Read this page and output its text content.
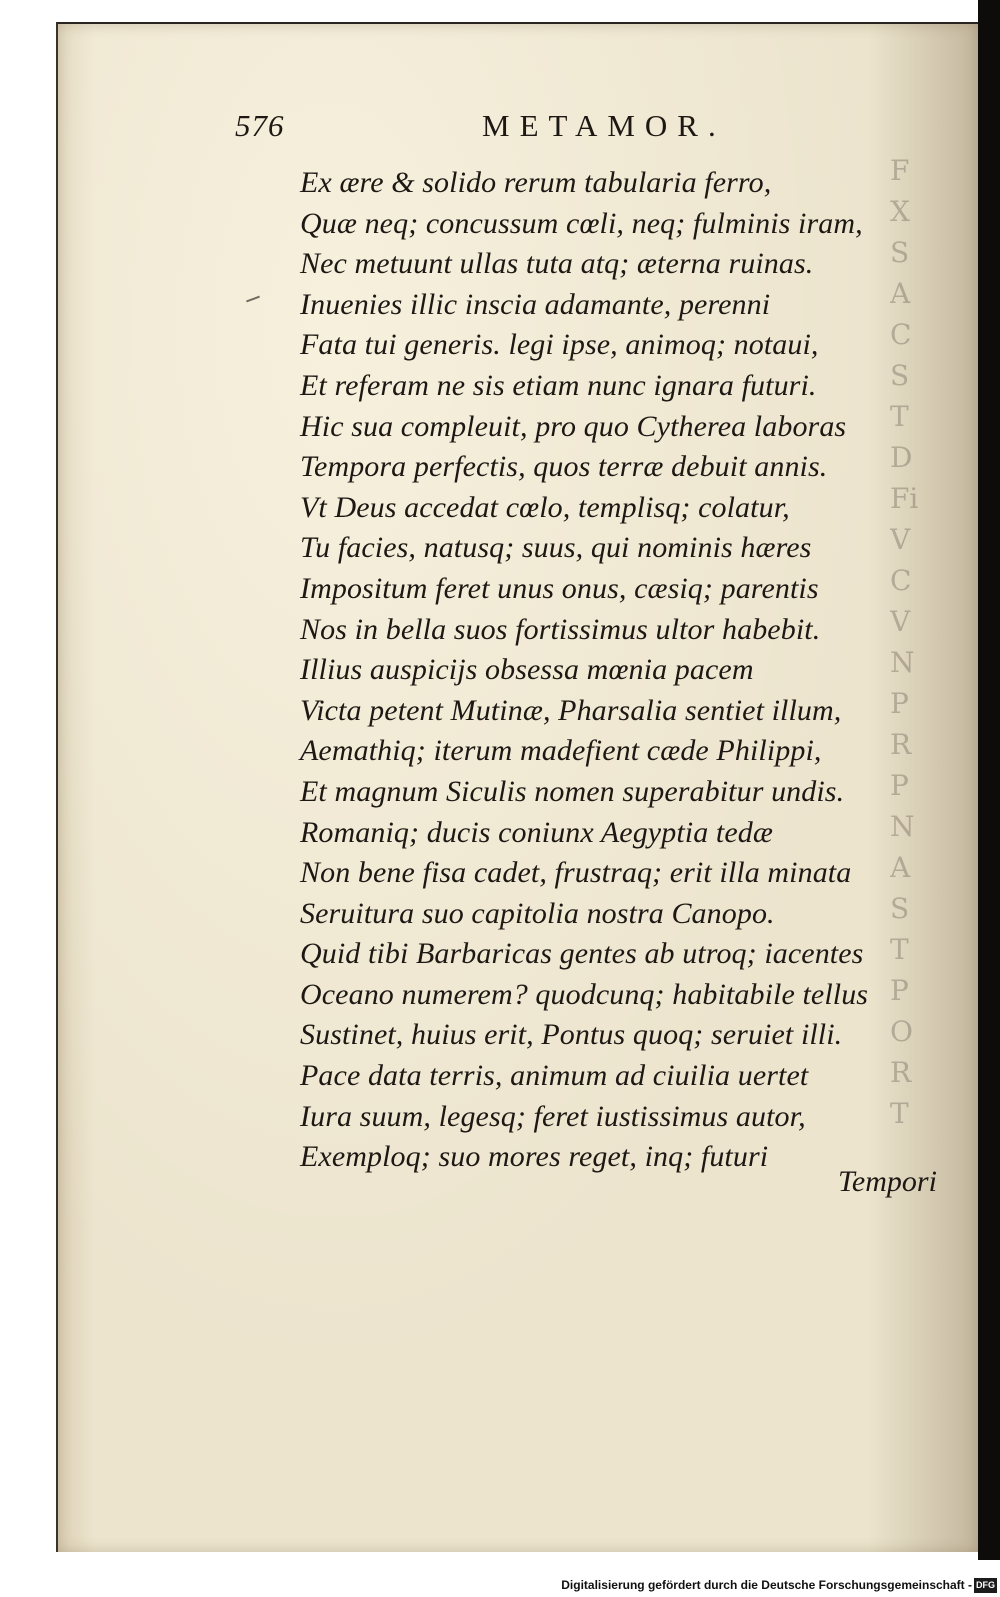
F
X
S
A
C
S
T
D
Fi
V
C
V
N
P
R
P
N
A
S
T
P
O
R
T
576	METAMOR.
Ex ære & solido rerum tabularia ferro,
Quæ neq; concussum cœli, neq; fulminis iram,
Nec metuunt ullas tuta atq; æterna ruinas.
Inuenies illic inscia adamante, perenni
Fata tui generis. legi ipse, animoq; notaui,
Et referam ne sis etiam nunc ignara futuri.
Hic sua compleuit, pro quo Cytherea laboras
Tempora perfectis, quos terræ debuit annis.
Vt Deus accedat cœlo, templisq; colatur,
Tu facies, natusq; suus, qui nominis hæres
Impositum feret unus onus, cæsiq; parentis
Nos in bella suos fortissimus ultor habebit.
Illius auspicijs obsessa mœnia pacem
Victa petent Mutinæ, Pharsalia sentiet illum,
Aemathiq; iterum madefient cæde Philippi,
Et magnum Siculis nomen superabitur undis.
Romaniq; ducis coniunx Aegyptia tedæ
Non bene fisa cadet, frustraq; erit illa minata
Seruitura suo capitolia nostra Canopo.
Quid tibi Barbaricas gentes ab utroq; iacentes
Oceano numerem? quodcunq; habitabile tellus
Sustinet, huius erit, Pontus quoq; seruiet illi.
Pace data terris, animum ad ciuilia uertet
Iura suum, legesq; feret iustissimus autor,
Exemploq; suo mores reget, inq; futuri
Tempori
Digitalisierung gefördert durch die Deutsche Forschungsgemeinschaft - DFG
